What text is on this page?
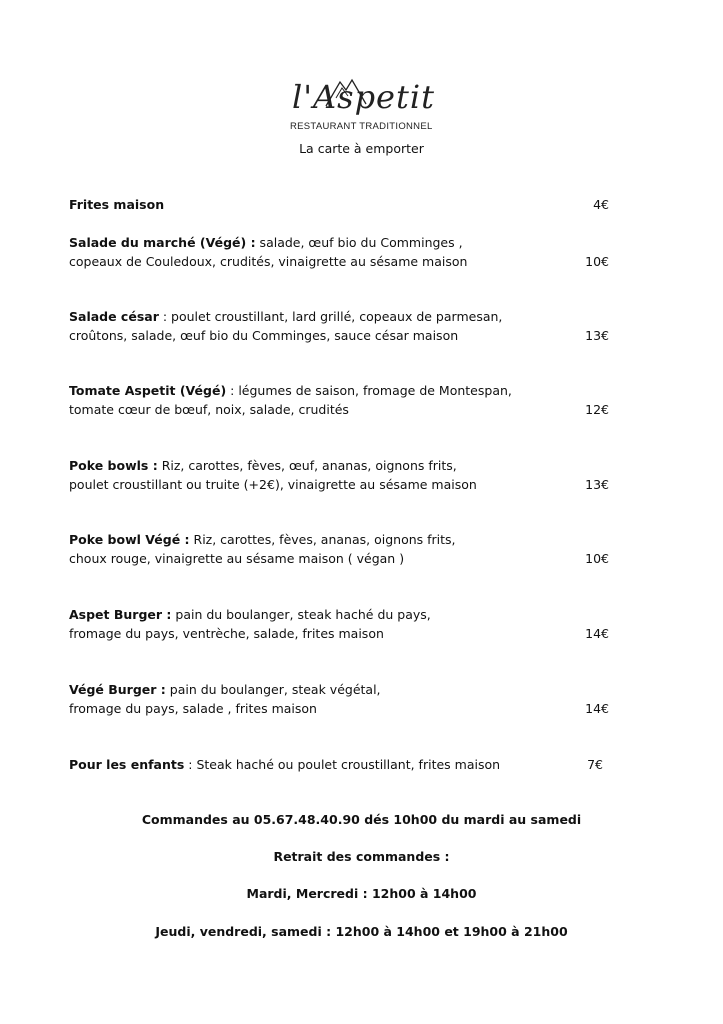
l'Aspetit
RESTAURANT TRADITIONNEL
La carte à emporter
Frites maison	4€
Salade du marché (Végé) : salade, œuf bio du Comminges ,
copeaux de Couledoux, crudités, vinaigrette au sésame maison	10€
Salade césar : poulet croustillant, lard grillé, copeaux de parmesan,
croûtons, salade, œuf bio du Comminges, sauce césar maison	13€
Tomate Aspetit (Végé) : légumes de saison, fromage de Montespan,
tomate cœur de bœuf, noix, salade, crudités	12€
Poke bowls : Riz, carottes, fèves, œuf, ananas, oignons frits,
poulet croustillant ou truite (+2€), vinaigrette au sésame maison	13€
Poke bowl Végé : Riz, carottes, fèves, ananas, oignons frits,
choux rouge, vinaigrette au sésame maison ( végan )	10€
Aspet Burger : pain du boulanger, steak haché du pays,
fromage du pays, ventrèche, salade, frites maison	14€
Végé Burger : pain du boulanger, steak végétal,
fromage du pays, salade , frites maison	14€
Pour les enfants : Steak haché ou poulet croustillant, frites maison	7€
Commandes au 05.67.48.40.90 dés 10h00 du mardi au samedi
Retrait des commandes :
Mardi, Mercredi : 12h00 à 14h00
Jeudi, vendredi, samedi : 12h00 à 14h00 et 19h00 à 21h00
